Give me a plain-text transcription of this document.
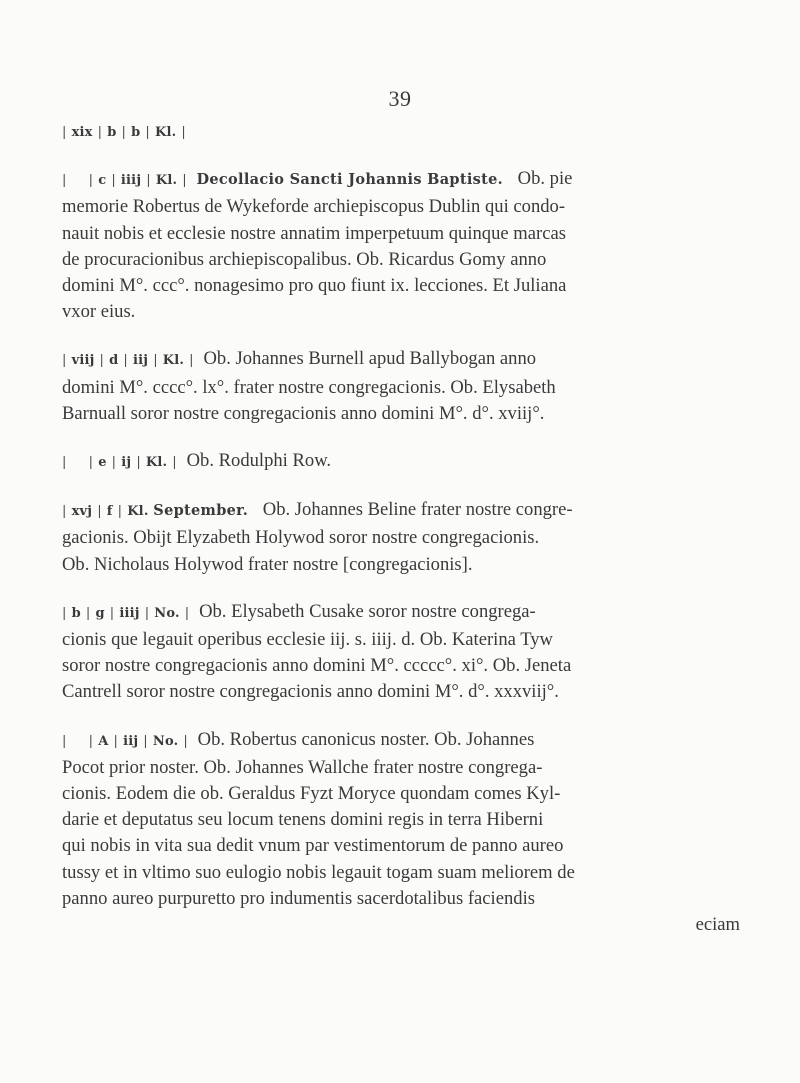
39
| xix | b | b | Kl. |
| | c | iiij | Kl. | Decollacio Sancti Johannis Baptiste. Ob. pie
memorie Robertus de Wykeforde archiepiscopus Dublin qui condo-
nauit nobis et ecclesie nostre annatim imperpetuum quinque marcas
de procuracionibus archiepiscopalibus. Ob. Ricardus Gomy anno
domini M°. ccc°. nonagesimo pro quo fiunt ix. lecciones. Et Juliana
vxor eius.
| viij | d | iij | Kl. | Ob. Johannes Burnell apud Ballybogan anno
domini M°. cccc°. lx°. frater nostre congregacionis. Ob. Elysabeth
Barnuall soror nostre congregacionis anno domini M°. d°. xviij°.
| | e | ij | Kl. | Ob. Rodulphi Row.
| xvj | f | Kl. September. Ob. Johannes Beline frater nostre congre-
gacionis. Obijt Elyzabeth Holywod soror nostre congregacionis.
Ob. Nicholaus Holywod frater nostre [congregacionis].
| b | g | iiij | No. | Ob. Elysabeth Cusake soror nostre congrega-
cionis que legauit operibus ecclesie iij. s. iiij. d. Ob. Katerina Tyw
soror nostre congregacionis anno domini M°. ccccc°. xi°. Ob. Jeneta
Cantrell soror nostre congregacionis anno domini M°. d°. xxxviij°.
| | A | iij | No. | Ob. Robertus canonicus noster. Ob. Johannes
Pocot prior noster. Ob. Johannes Wallche frater nostre congrega-
cionis. Eodem die ob. Geraldus Fyzt Moryce quondam comes Kyl-
darie et deputatus seu locum tenens domini regis in terra Hiberni
qui nobis in vita sua dedit vnum par vestimentorum de panno aureo
tussy et in vltimo suo eulogio nobis legauit togam suam meliorem de
panno aureo purpuretto pro indumentis sacerdotalibus faciendis
eciam
